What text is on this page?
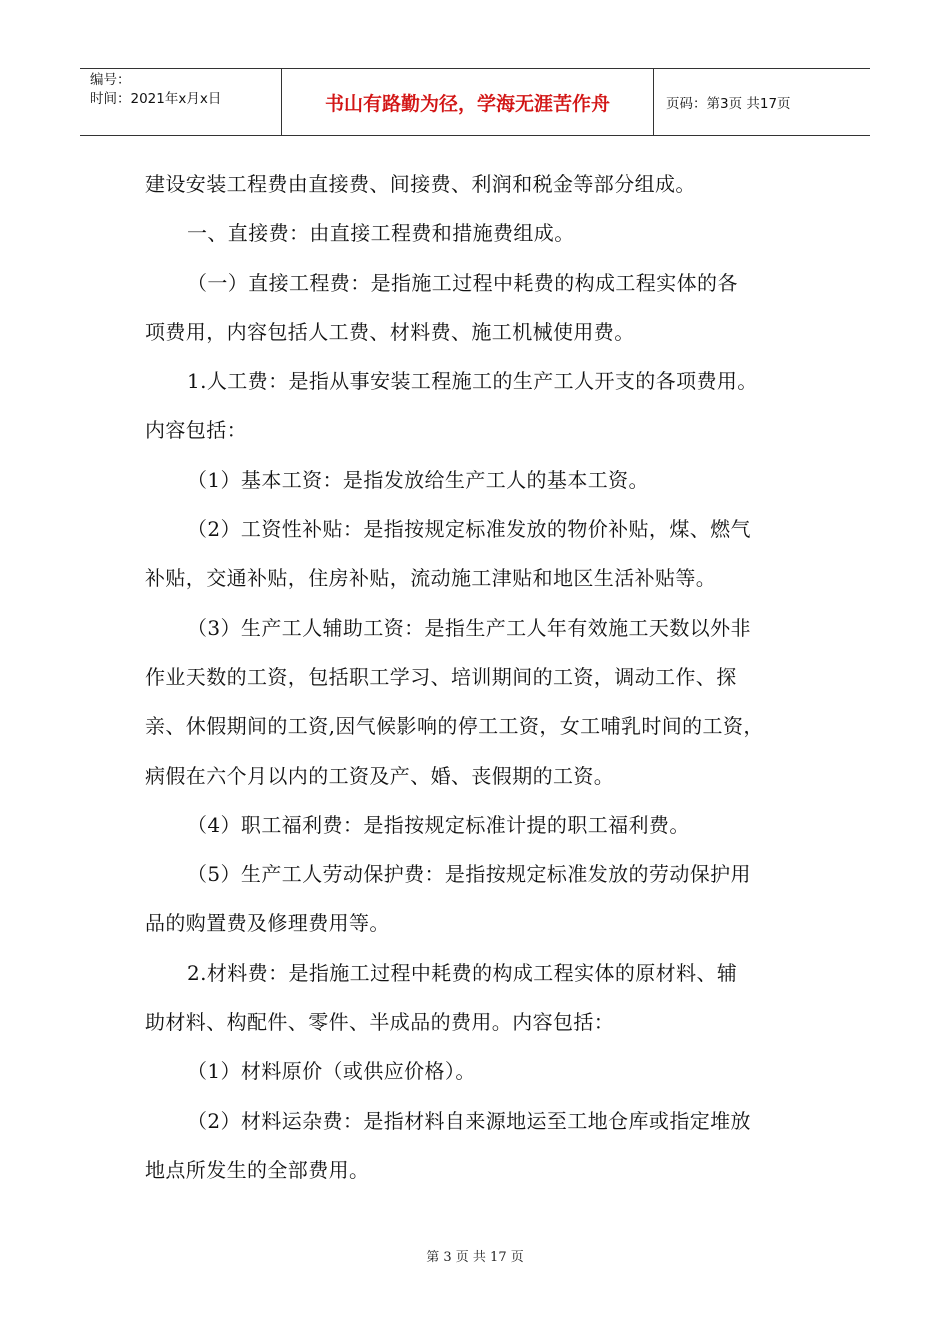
编号：
时间：2021年x月x日	书山有路勤为径，学海无涯苦作舟	页码：第3页 共17页

建设安装工程费由直接费、间接费、利润和税金等部分组成。

一、直接费：由直接工程费和措施费组成。

（一）直接工程费：是指施工过程中耗费的构成工程实体的各

项费用，内容包括人工费、材料费、施工机械使用费。

1.人工费：是指从事安装工程施工的生产工人开支的各项费用。

内容包括：

（1）基本工资：是指发放给生产工人的基本工资。

（2）工资性补贴：是指按规定标准发放的物价补贴，煤、燃气

补贴，交通补贴，住房补贴，流动施工津贴和地区生活补贴等。

（3）生产工人辅助工资：是指生产工人年有效施工天数以外非

作业天数的工资，包括职工学习、培训期间的工资，调动工作、探

亲、休假期间的工资,因气候影响的停工工资，女工哺乳时间的工资，

病假在六个月以内的工资及产、婚、丧假期的工资。

（4）职工福利费：是指按规定标准计提的职工福利费。

（5）生产工人劳动保护费：是指按规定标准发放的劳动保护用

品的购置费及修理费用等。

2.材料费：是指施工过程中耗费的构成工程实体的原材料、辅

助材料、构配件、零件、半成品的费用。内容包括：

（1）材料原价（或供应价格）。

（2）材料运杂费：是指材料自来源地运至工地仓库或指定堆放

地点所发生的全部费用。

第 3 页 共 17 页
